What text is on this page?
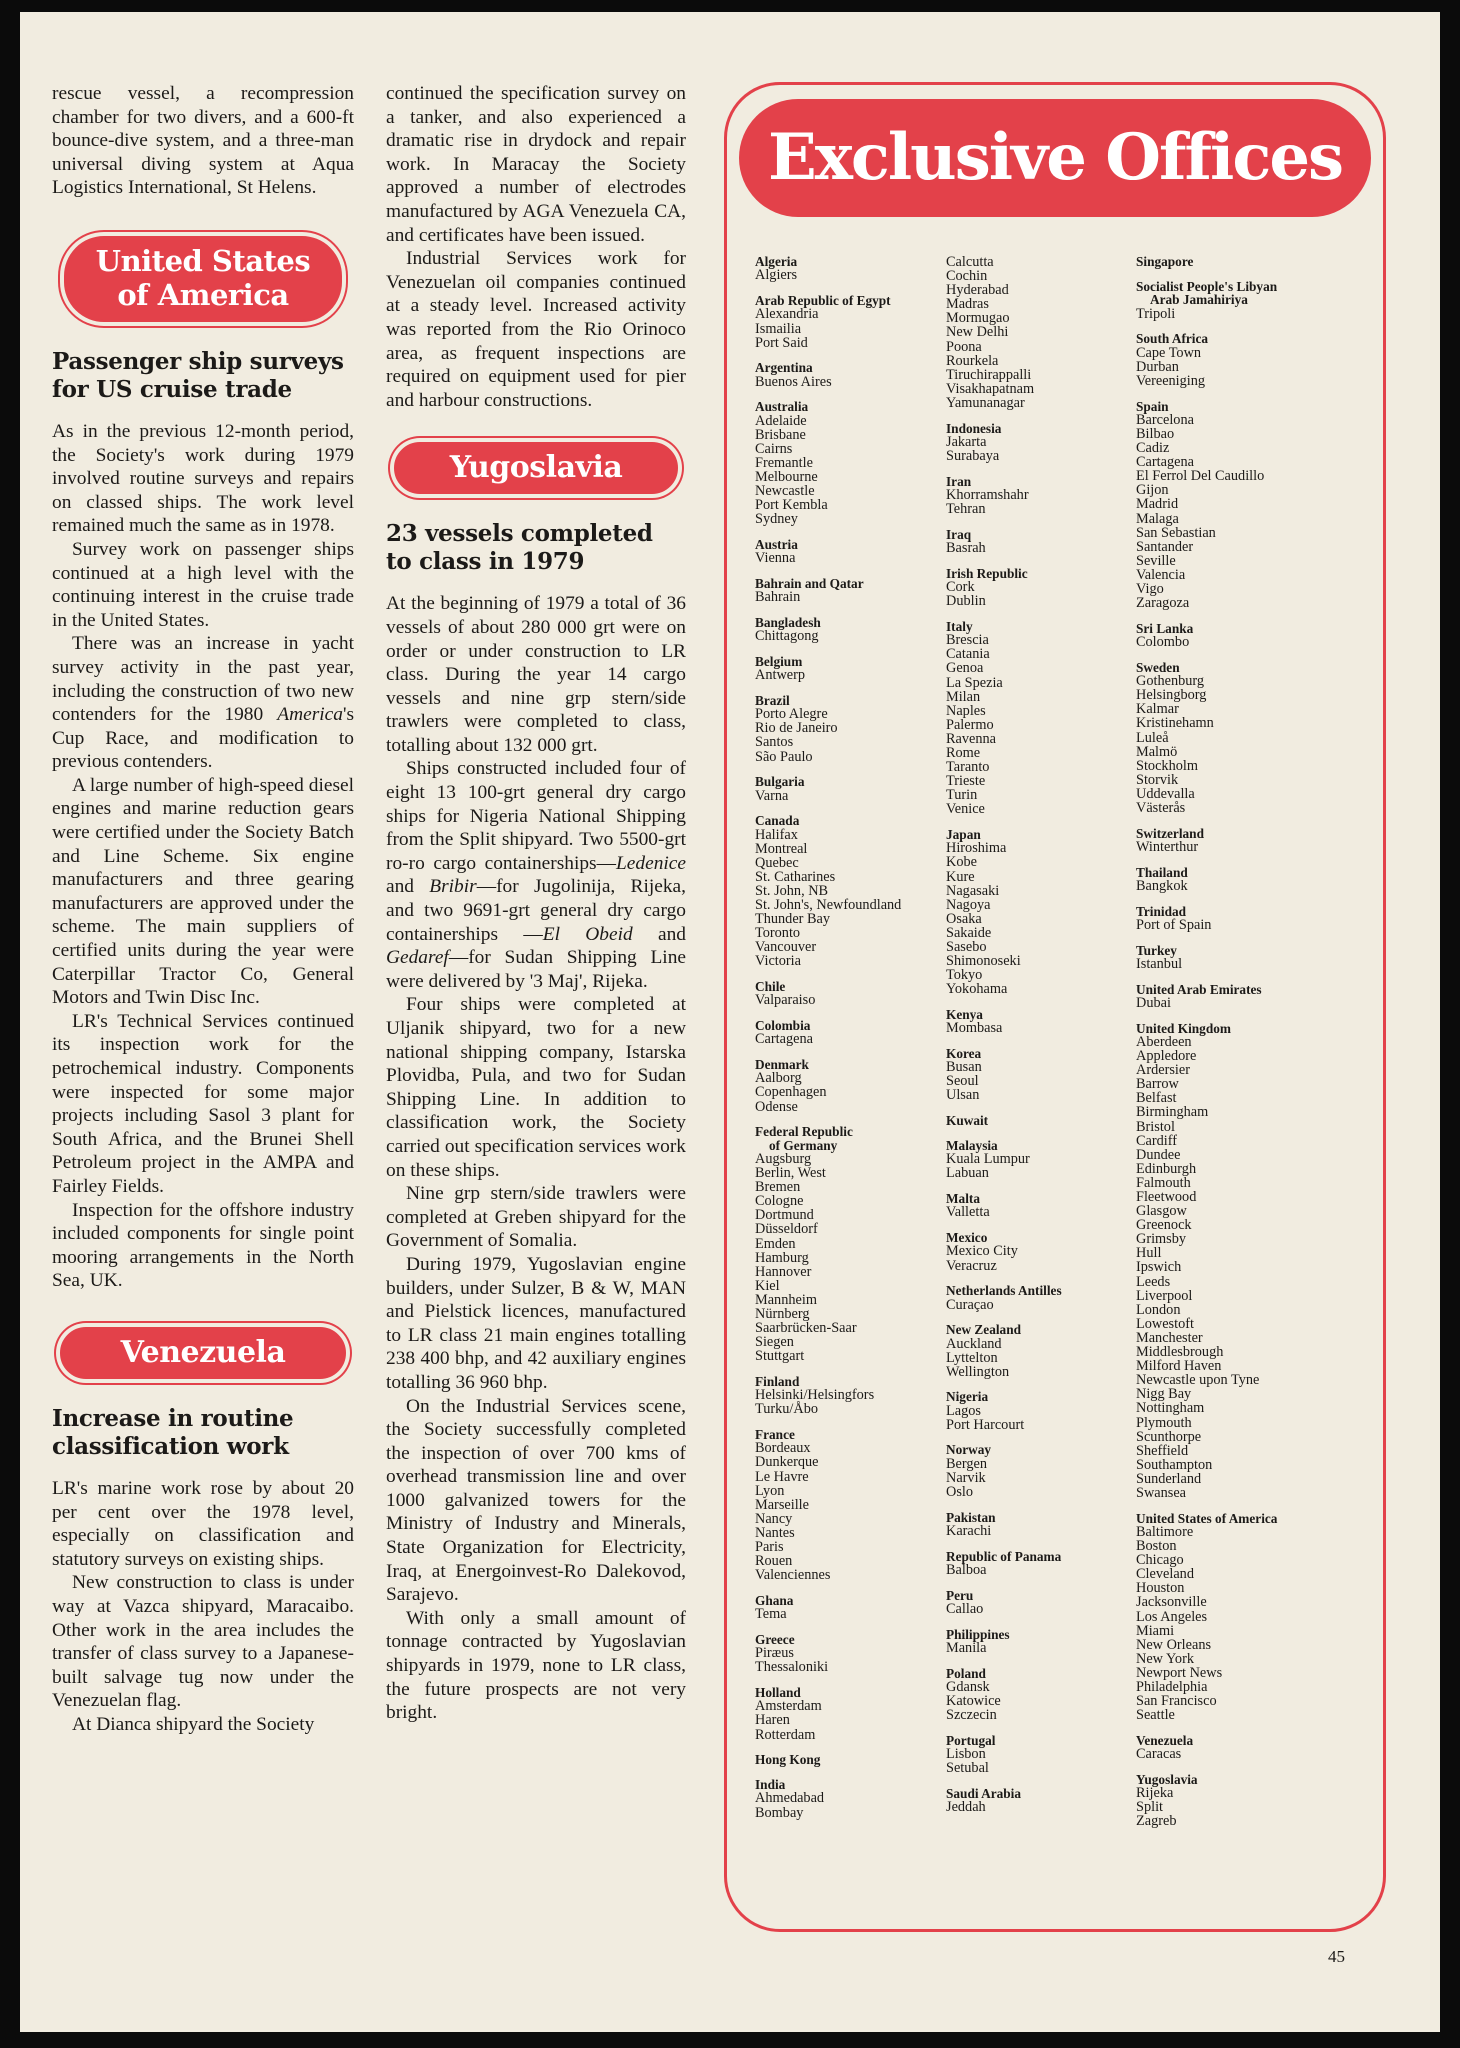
rescue vessel, a recompression chamber for two divers, and a 600-ft bounce-dive system, and a three-man universal diving system at Aqua Logistics International, St Helens.

United States
of America
Passenger ship surveys
for US cruise trade

As in the previous 12-month period, the Society's work during 1979 involved routine surveys and repairs on classed ships. The work level remained much the same as in 1978.

Survey work on passenger ships continued at a high level with the continuing interest in the cruise trade in the United States.

There was an increase in yacht survey activity in the past year, including the construction of two new contenders for the 1980 America's Cup Race, and modification to previous contenders.

A large number of high-speed diesel engines and marine reduction gears were certified under the Society Batch and Line Scheme. Six engine manufacturers and three gearing manufacturers are approved under the scheme. The main suppliers of certified units during the year were Caterpillar Tractor Co, General Motors and Twin Disc Inc.

LR's Technical Services continued its inspection work for the petrochemical industry. Components were inspected for some major projects including Sasol 3 plant for South Africa, and the Brunei Shell Petroleum project in the AMPA and Fairley Fields.

Inspection for the offshore industry included components for single point mooring arrangements in the North Sea, UK.

Venezuela
Increase in routine
classification work

LR's marine work rose by about 20 per cent over the 1978 level, especially on classification and statutory surveys on existing ships.

New construction to class is under way at Vazca shipyard, Maracaibo. Other work in the area includes the transfer of class survey to a Japanese-built salvage tug now under the Venezuelan flag.

At Dianca shipyard the Society

continued the specification survey on a tanker, and also experienced a dramatic rise in drydock and repair work. In Maracay the Society approved a number of electrodes manufactured by AGA Venezuela CA, and certificates have been issued.

Industrial Services work for Venezuelan oil companies continued at a steady level. Increased activity was reported from the Rio Orinoco area, as frequent inspections are required on equipment used for pier and harbour constructions.

Yugoslavia
23 vessels completed
to class in 1979

At the beginning of 1979 a total of 36 vessels of about 280 000 grt were on order or under construction to LR class. During the year 14 cargo vessels and nine grp stern/side trawlers were completed to class, totalling about 132 000 grt.

Ships constructed included four of eight 13 100-grt general dry cargo ships for Nigeria National Shipping from the Split shipyard. Two 5500-grt ro-ro cargo containerships—Ledenice and Bribir—for Jugolinija, Rijeka, and two 9691-grt general dry cargo containerships —El Obeid and Gedaref—for Sudan Shipping Line were delivered by '3 Maj', Rijeka.

Four ships were completed at Uljanik shipyard, two for a new national shipping company, Istarska Plovidba, Pula, and two for Sudan Shipping Line. In addition to classification work, the Society carried out specification services work on these ships.

Nine grp stern/side trawlers were completed at Greben shipyard for the Government of Somalia.

During 1979, Yugoslavian engine builders, under Sulzer, B & W, MAN and Pielstick licences, manufactured to LR class 21 main engines totalling 238 400 bhp, and 42 auxiliary engines totalling 36 960 bhp.

On the Industrial Services scene, the Society successfully completed the inspection of over 700 kms of overhead transmission line and over 1000 galvanized towers for the Ministry of Industry and Minerals, State Organization for Electricity, Iraq, at Energoinvest-Ro Dalekovod, Sarajevo.

With only a small amount of tonnage contracted by Yugoslavian shipyards in 1979, none to LR class, the future prospects are not very bright.

Exclusive Offices
Algeria
Algiers
Arab Republic of Egypt
Alexandria
Ismailia
Port Said
Argentina
Buenos Aires
Australia
Adelaide
Brisbane
Cairns
Fremantle
Melbourne
Newcastle
Port Kembla
Sydney
Austria
Vienna
Bahrain and Qatar
Bahrain
Bangladesh
Chittagong
Belgium
Antwerp
Brazil
Porto Alegre
Rio de Janeiro
Santos
São Paulo
Bulgaria
Varna
Canada
Halifax
Montreal
Quebec
St. Catharines
St. John, NB
St. John's, Newfoundland
Thunder Bay
Toronto
Vancouver
Victoria
Chile
Valparaiso
Colombia
Cartagena
Denmark
Aalborg
Copenhagen
Odense
Federal Republic
of Germany
Augsburg
Berlin, West
Bremen
Cologne
Dortmund
Düsseldorf
Emden
Hamburg
Hannover
Kiel
Mannheim
Nürnberg
Saarbrücken-Saar
Siegen
Stuttgart
Finland
Helsinki/Helsingfors
Turku/Åbo
France
Bordeaux
Dunkerque
Le Havre
Lyon
Marseille
Nancy
Nantes
Paris
Rouen
Valenciennes
Ghana
Tema
Greece
Piræus
Thessaloniki
Holland
Amsterdam
Haren
Rotterdam
Hong Kong
India
Ahmedabad
Bombay
Calcutta
Cochin
Hyderabad
Madras
Mormugao
New Delhi
Poona
Rourkela
Tiruchirappalli
Visakhapatnam
Yamunanagar
Indonesia
Jakarta
Surabaya
Iran
Khorramshahr
Tehran
Iraq
Basrah
Irish Republic
Cork
Dublin
Italy
Brescia
Catania
Genoa
La Spezia
Milan
Naples
Palermo
Ravenna
Rome
Taranto
Trieste
Turin
Venice
Japan
Hiroshima
Kobe
Kure
Nagasaki
Nagoya
Osaka
Sakaide
Sasebo
Shimonoseki
Tokyo
Yokohama
Kenya
Mombasa
Korea
Busan
Seoul
Ulsan
Kuwait
Malaysia
Kuala Lumpur
Labuan
Malta
Valletta
Mexico
Mexico City
Veracruz
Netherlands Antilles
Curaçao
New Zealand
Auckland
Lyttelton
Wellington
Nigeria
Lagos
Port Harcourt
Norway
Bergen
Narvik
Oslo
Pakistan
Karachi
Republic of Panama
Balboa
Peru
Callao
Philippines
Manila
Poland
Gdansk
Katowice
Szczecin
Portugal
Lisbon
Setubal
Saudi Arabia
Jeddah
Singapore
Socialist People's Libyan
Arab Jamahiriya
Tripoli
South Africa
Cape Town
Durban
Vereeniging
Spain
Barcelona
Bilbao
Cadiz
Cartagena
El Ferrol Del Caudillo
Gijon
Madrid
Malaga
San Sebastian
Santander
Seville
Valencia
Vigo
Zaragoza
Sri Lanka
Colombo
Sweden
Gothenburg
Helsingborg
Kalmar
Kristinehamn
Luleå
Malmö
Stockholm
Storvik
Uddevalla
Västerås
Switzerland
Winterthur
Thailand
Bangkok
Trinidad
Port of Spain
Turkey
Istanbul
United Arab Emirates
Dubai
United Kingdom
Aberdeen
Appledore
Ardersier
Barrow
Belfast
Birmingham
Bristol
Cardiff
Dundee
Edinburgh
Falmouth
Fleetwood
Glasgow
Greenock
Grimsby
Hull
Ipswich
Leeds
Liverpool
London
Lowestoft
Manchester
Middlesbrough
Milford Haven
Newcastle upon Tyne
Nigg Bay
Nottingham
Plymouth
Scunthorpe
Sheffield
Southampton
Sunderland
Swansea
United States of America
Baltimore
Boston
Chicago
Cleveland
Houston
Jacksonville
Los Angeles
Miami
New Orleans
New York
Newport News
Philadelphia
San Francisco
Seattle
Venezuela
Caracas
Yugoslavia
Rijeka
Split
Zagreb
45
